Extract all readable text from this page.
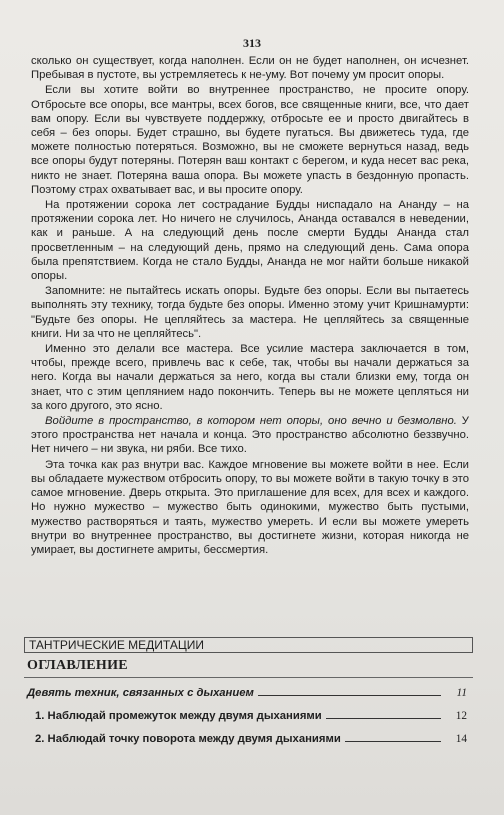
313

сколько он существует, когда наполнен. Если он не будет наполнен, он исчезнет. Пребывая в пустоте, вы устремляетесь к не-уму. Вот почему ум просит опоры.

Если вы хотите войти во внутреннее пространство, не просите опору. Отбросьте все опоры, все мантры, всех богов, все священные книги, все, что дает вам опору. Если вы чувствуете поддержку, отбросьте ее и просто двигайтесь в себя – без опоры. Будет страшно, вы будете пугаться. Вы движетесь туда, где можете полностью потеряться. Возможно, вы не сможете вернуться назад, ведь все опоры будут потеряны. Потерян ваш контакт с берегом, и куда несет вас река, никто не знает. Потеряна ваша опора. Вы можете упасть в бездонную пропасть. Поэтому страх охватывает вас, и вы просите опору.

На протяжении сорока лет сострадание Будды ниспадало на Ананду – на протяжении сорока лет. Но ничего не случилось, Ананда оставался в неведении, как и раньше. А на следующий день после смерти Будды Ананда стал просветленным – на следующий день, прямо на следующий день. Сама опора была препятствием. Когда не стало Будды, Ананда не мог найти больше никакой опоры.

Запомните: не пытайтесь искать опоры. Будьте без опоры. Если вы пытаетесь выполнять эту технику, тогда будьте без опоры. Именно этому учит Кришнамурти: "Будьте без опоры. Не цепляйтесь за мастера. Не цепляйтесь за священные книги. Ни за что не цепляйтесь".

Именно это делали все мастера. Все усилие мастера заключается в том, чтобы, прежде всего, привлечь вас к себе, так, чтобы вы начали держаться за него. Когда вы начали держаться за него, когда вы стали близки ему, тогда он знает, что с этим цеплянием надо покончить. Теперь вы не можете цепляться ни за кого другого, это ясно.

Войдите в пространство, в котором нет опоры, оно вечно и безмолвно. У этого пространства нет начала и конца. Это пространство абсолютно беззвучно. Нет ничего – ни звука, ни ряби. Все тихо.

Эта точка как раз внутри вас. Каждое мгновение вы можете войти в нее. Если вы обладаете мужеством отбросить опору, то вы можете войти в такую точку в это самое мгновение. Дверь открыта. Это приглашение для всех, для всех и каждого. Но нужно мужество – мужество быть одинокими, мужество быть пустыми, мужество растворяться и таять, мужество умереть. И если вы можете умереть внутри во внутреннее пространство, вы достигнете жизни, которая никогда не умирает, вы достигнете амриты, бессмертия.

ТАНТРИЧЕСКИЕ МЕДИТАЦИИ
ОГЛАВЛЕНИЕ
Девять техник, связанных с дыханием	11
1. Наблюдай промежуток между двумя дыханиями	12
2. Наблюдай точку поворота между двумя дыханиями	14
